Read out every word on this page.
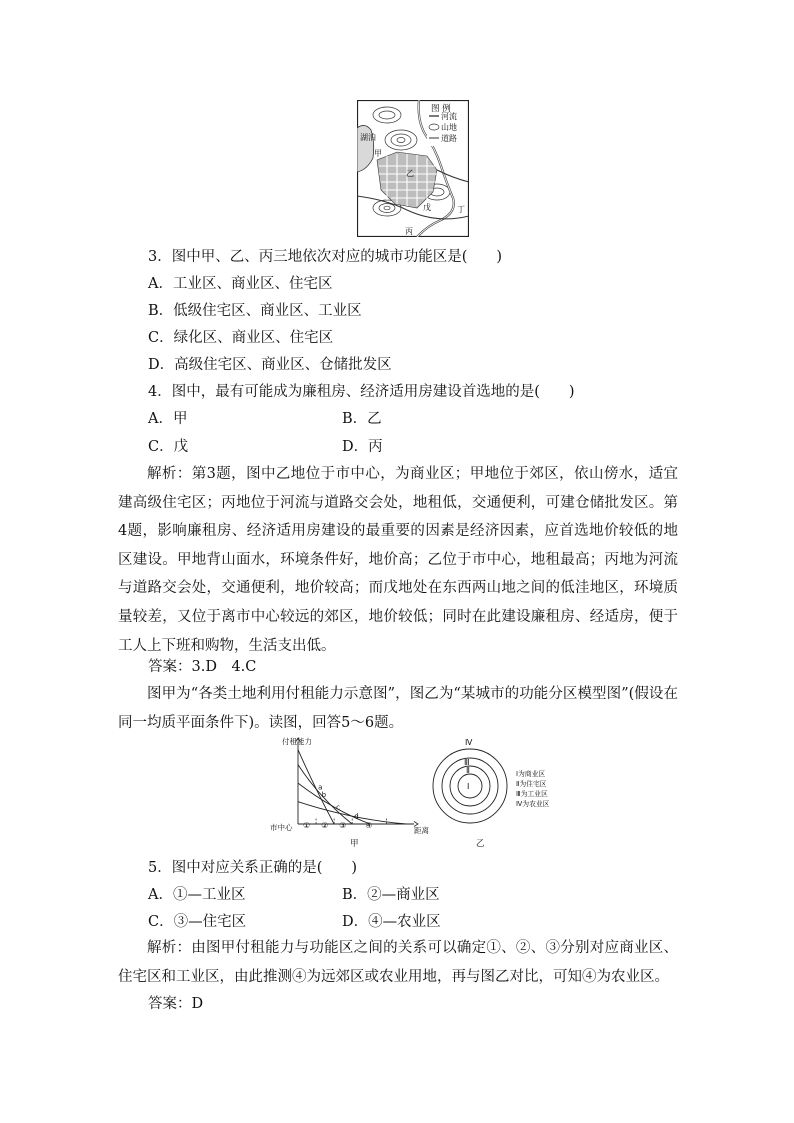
图 例
河流
山地
道路
湖泊
甲
乙
丙
丁
戊
3．图中甲、乙、丙三地依次对应的城市功能区是(　　)
A．工业区、商业区、住宅区
B．低级住宅区、商业区、工业区
C．绿化区、商业区、住宅区
D．高级住宅区、商业区、仓储批发区
4．图中，最有可能成为廉租房、经济适用房建设首选地的是(　　)
A．甲	B．乙
C．戊	D．丙
解析：第3题，图中乙地位于市中心，为商业区；甲地位于郊区，依山傍水，适宜建高级住宅区；丙地位于河流与道路交会处，地租低，交通便利，可建仓储批发区。第4题，影响廉租房、经济适用房建设的最重要的因素是经济因素，应首选地价较低的地区建设。甲地背山面水，环境条件好，地价高；乙位于市中心，地租最高；丙地为河流与道路交会处，交通便利，地价较高；而戊地处在东西两山地之间的低洼地区，环境质量较差，又位于离市中心较远的郊区，地价较低；同时在此建设廉租房、经适房，便于工人上下班和购物，生活支出低。
答案：3.D　4.C
图甲为“各类土地利用付租能力示意图”，图乙为“某城市的功能分区模型图”(假设在同一均质平面条件下)。读图，回答5～6题。
a
b
c
d
① ② ③ ④
付租能力
市中心	距离
甲
Ⅰ
Ⅱ
Ⅲ
Ⅳ
Ⅰ为商业区
Ⅱ为住宅区
Ⅲ为工业区
Ⅳ为农业区
乙
5．图中对应关系正确的是(　　)
A．①—工业区	B．②—商业区
C．③—住宅区	D．④—农业区
解析：由图甲付租能力与功能区之间的关系可以确定①、②、③分别对应商业区、住宅区和工业区，由此推测④为远郊区或农业用地，再与图乙对比，可知④为农业区。
答案：D
